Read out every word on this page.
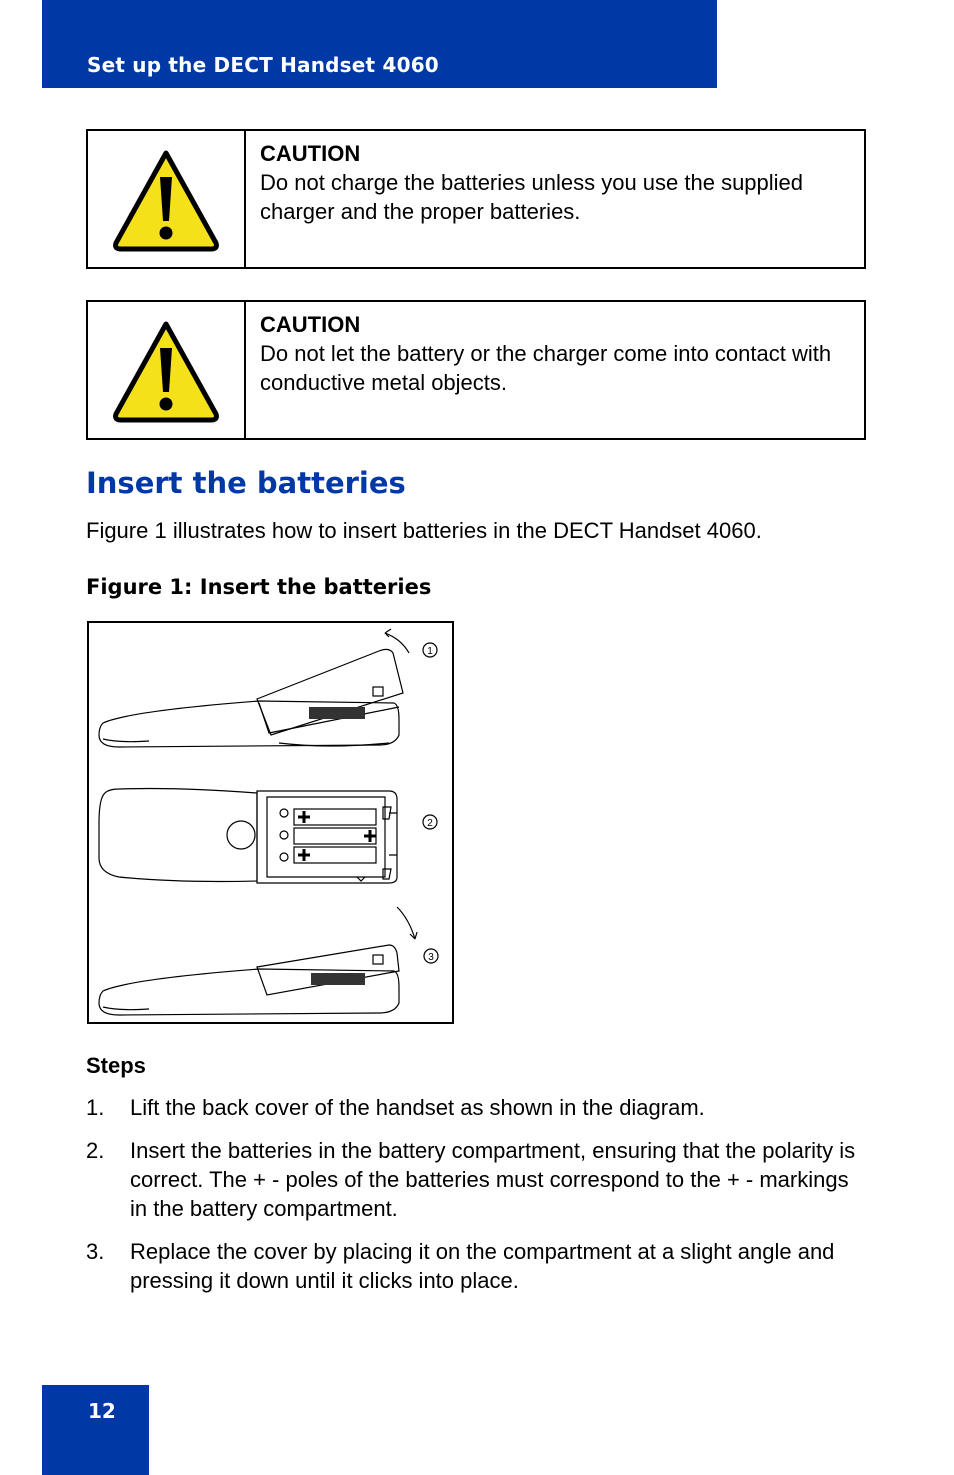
Set up the DECT Handset 4060
CAUTION
Do not charge the batteries unless you use the supplied charger and the proper batteries.
CAUTION
Do not let the battery or the charger come into contact with conductive metal objects.
Insert the batteries
Figure 1 illustrates how to insert batteries in the DECT Handset 4060.
Figure 1: Insert the batteries
1
2
3
Steps
1. Lift the back cover of the handset as shown in the diagram.
2. Insert the batteries in the battery compartment, ensuring that the polarity is correct. The + - poles of the batteries must correspond to the + - markings in the battery compartment.
3. Replace the cover by placing it on the compartment at a slight angle and pressing it down until it clicks into place.
12
